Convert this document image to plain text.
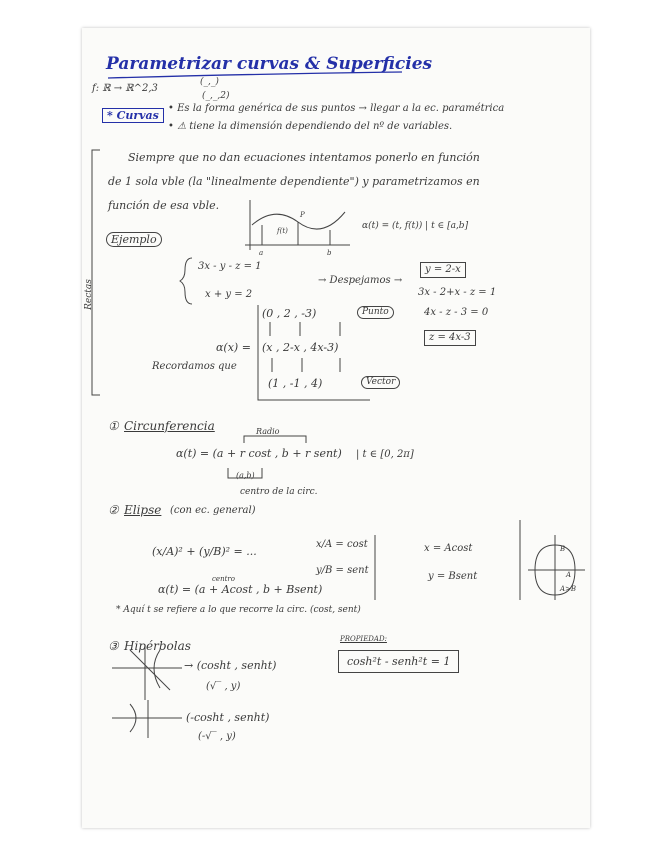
Parametrizar curvas & Superficies
f: ℝ → ℝ^2,3
(_,_)
(_,_,2)
* Curvas
• Es la forma genérica de sus puntos → llegar a la ec. paramétrica
• ⚠ tiene la dimensión dependiendo del nº de variables.
Siempre que no dan ecuaciones intentamos ponerlo en función
de 1 sola vble (la "linealmente dependiente") y parametrizamos en
función de esa vble.
Rectas
Ejemplo
α(t) = (t, f(t)) | t ∈ [a,b]
f(t)
P
a	b
3x - y - z = 1
x + y = 2
→ Despejamos →
y = 2-x
3x - 2+x - z = 1
4x - z - 3 = 0
z = 4x-3
(0 , 2 , -3)	Punto
α(x) = (x , 2-x , 4x-3)
Recordamos que
(1 , -1 , 4)	Vector
① Circunferencia	Radio
α(t) = (a + r cost , b + r sent) | t ∈ [0, 2π]
(a,b)
centro de la circ.
② Elipse (con ec. general)
(x/A)² + (y/B)² = ...
x/A = cost
y/B = sent
x = Acost
y = Bsent
α(t) = (a + Acost , b + Bsent)
centro
* Aquí t se refiere a lo que recorre la circ. (cost, sent)
B
A
A>B
③ Hipérbolas
→ (cosht , senht)
(√‾ , y)
(-cosht , senht)
(-√‾ , y)
PROPIEDAD:
cosh²t - senh²t = 1
